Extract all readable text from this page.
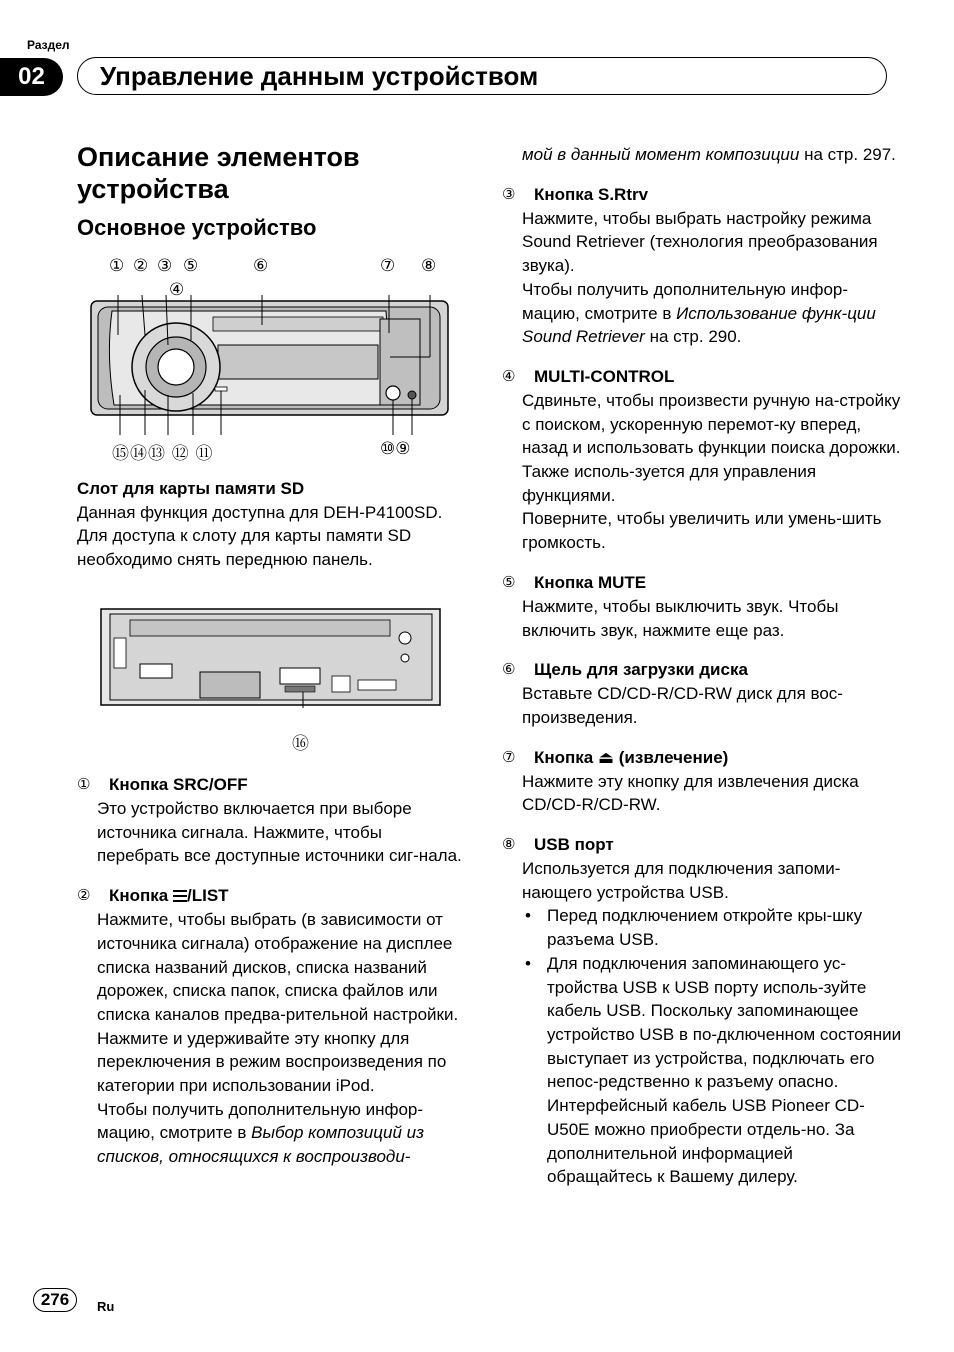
Раздел
02	Управление данным устройством
Описание элементов устройства
Основное устройство
① ② ③ ⑤	⑥	⑦ ⑧
④
⑮⑭⑬ ⑫ ⑪	⑩⑨
Слот для карты памяти SD
Данная функция доступна для DEH-P4100SD.
Для доступа к слоту для карты памяти SD необходимо снять переднюю панель.
⑯
① Кнопка SRC/OFF
Это устройство включается при выборе источника сигнала. Нажмите, чтобы перебрать все доступные источники сиг-нала.
② Кнопка
/LIST
Нажмите, чтобы выбрать (в зависимости от источника сигнала) отображение на дисплее списка названий дисков, списка названий дорожек, списка папок, списка файлов или списка каналов предва-рительной настройки.
Нажмите и удерживайте эту кнопку для переключения в режим воспроизведения по категории при использовании iPod.
Чтобы получить дополнительную инфор-мацию, смотрите в Выбор композиций из списков, относящихся к воспроизводи-
мой в данный момент композиции на стр. 297.
③ Кнопка S.Rtrv
Нажмите, чтобы выбрать настройку режима Sound Retriever (технология преобразования звука).
Чтобы получить дополнительную инфор-мацию, смотрите в Использование функ-ции Sound Retriever на стр. 290.
④ MULTI-CONTROL
Сдвиньте, чтобы произвести ручную на-стройку с поиском, ускоренную перемот-ку вперед, назад и использовать функции поиска дорожки. Также исполь-зуется для управления функциями.
Поверните, чтобы увеличить или умень-шить громкость.
⑤ Кнопка MUTE
Нажмите, чтобы выключить звук. Чтобы включить звук, нажмите еще раз.
⑥ Щель для загрузки диска
Вставьте CD/CD-R/CD-RW диск для вос-произведения.
⑦ Кнопка ⏏ (извлечение)
Нажмите эту кнопку для извлечения диска CD/CD-R/CD-RW.
⑧ USB порт
Используется для подключения запоми-нающего устройства USB.
• Перед подключением откройте кры-шку разъема USB.
• Для подключения запоминающего ус-тройства USB к USB порту исполь-зуйте кабель USB. Поскольку запоминающее устройство USB в по-дключенном состоянии выступает из устройства, подключать его непос-редственно к разъему опасно. Интерфейсный кабель USB Pioneer CD-U50E можно приобрести отдель-но. За дополнительной информацией обращайтесь к Вашему дилеру.
276	Ru
